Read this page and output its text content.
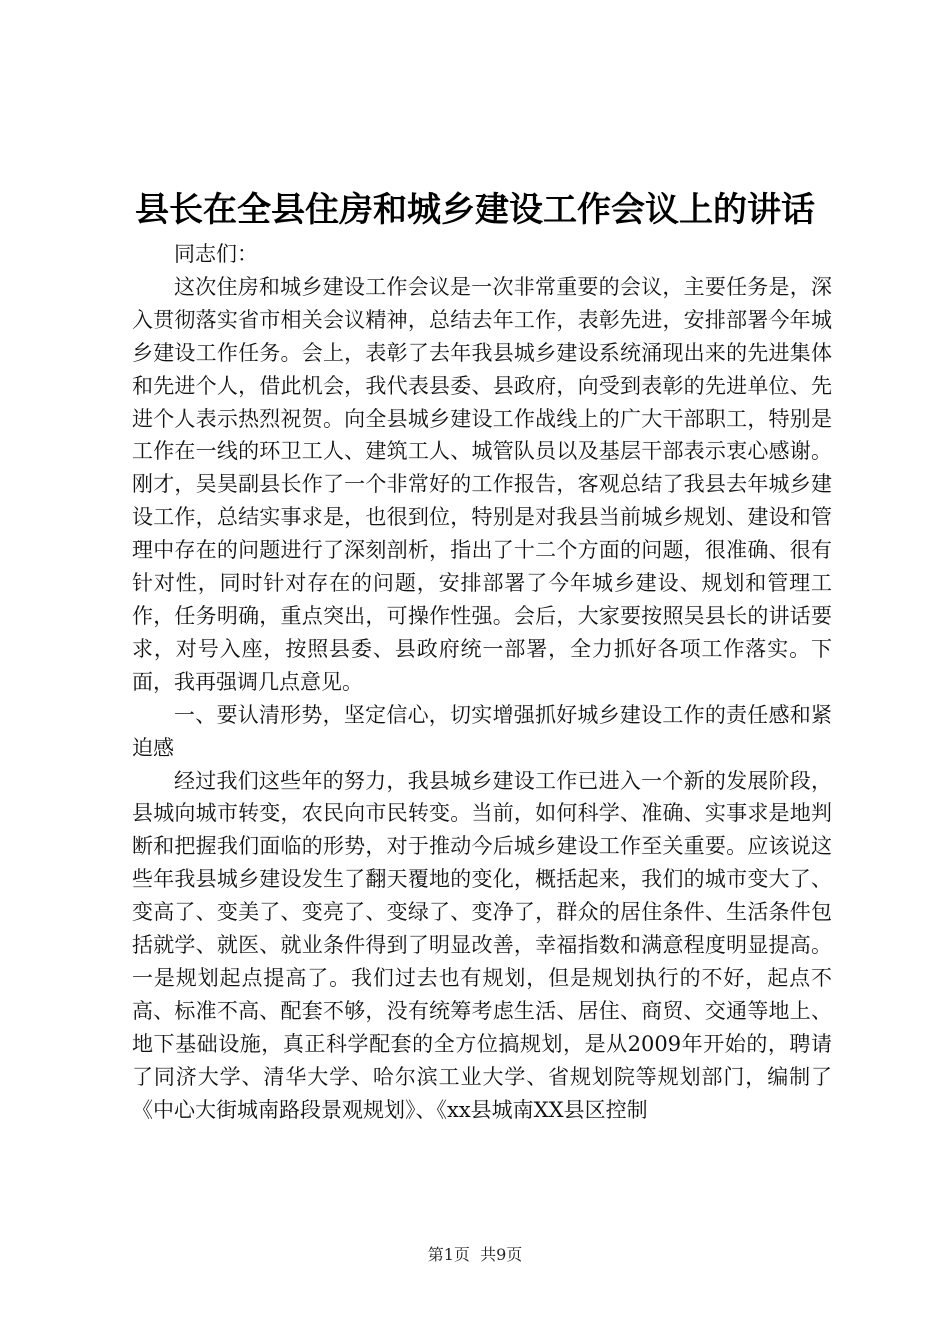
县长在全县住房和城乡建设工作会议上的讲话

同志们：

这次住房和城乡建设工作会议是一次非常重要的会议，主要任务是，深入贯彻落实省市相关会议精神，总结去年工作，表彰先进，安排部署今年城乡建设工作任务。会上，表彰了去年我县城乡建设系统涌现出来的先进集体和先进个人，借此机会，我代表县委、县政府，向受到表彰的先进单位、先进个人表示热烈祝贺。向全县城乡建设工作战线上的广大干部职工，特别是工作在一线的环卫工人、建筑工人、城管队员以及基层干部表示衷心感谢。刚才，吴昊副县长作了一个非常好的工作报告，客观总结了我县去年城乡建设工作，总结实事求是，也很到位，特别是对我县当前城乡规划、建设和管理中存在的问题进行了深刻剖析，指出了十二个方面的问题，很准确、很有针对性，同时针对存在的问题，安排部署了今年城乡建设、规划和管理工作，任务明确，重点突出，可操作性强。会后，大家要按照吴县长的讲话要求，对号入座，按照县委、县政府统一部署，全力抓好各项工作落实。下面，我再强调几点意见。

一、要认清形势，坚定信心，切实增强抓好城乡建设工作的责任感和紧迫感

经过我们这些年的努力，我县城乡建设工作已进入一个新的发展阶段，县城向城市转变，农民向市民转变。当前，如何科学、准确、实事求是地判断和把握我们面临的形势，对于推动今后城乡建设工作至关重要。应该说这些年我县城乡建设发生了翻天覆地的变化，概括起来，我们的城市变大了、变高了、变美了、变亮了、变绿了、变净了，群众的居住条件、生活条件包括就学、就医、就业条件得到了明显改善，幸福指数和满意程度明显提高。一是规划起点提高了。我们过去也有规划，但是规划执行的不好，起点不高、标准不高、配套不够，没有统筹考虑生活、居住、商贸、交通等地上、地下基础设施，真正科学配套的全方位搞规划，是从2009年开始的，聘请了同济大学、清华大学、哈尔滨工业大学、省规划院等规划部门，编制了《中心大街城南路段景观规划》、《xx县城南XX县区控制

第1页 共9页
